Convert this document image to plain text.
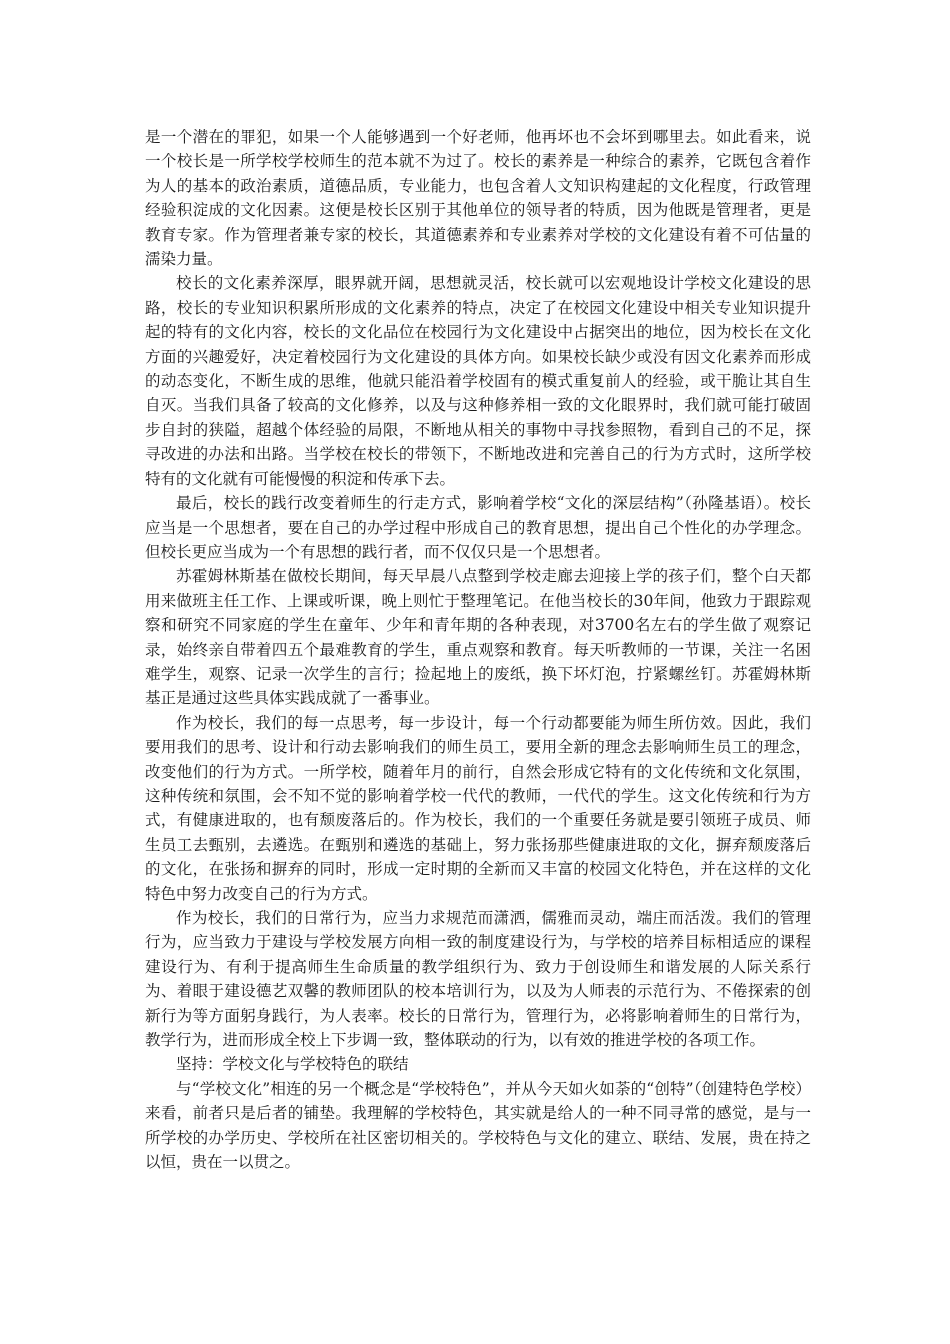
是一个潜在的罪犯，如果一个人能够遇到一个好老师，他再坏也不会坏到哪里去。如此看来，说一个校长是一所学校学校师生的范本就不为过了。校长的素养是一种综合的素养，它既包含着作为人的基本的政治素质，道德品质，专业能力，也包含着人文知识构建起的文化程度，行政管理经验积淀成的文化因素。这便是校长区别于其他单位的领导者的特质，因为他既是管理者，更是教育专家。作为管理者兼专家的校长，其道德素养和专业素养对学校的文化建设有着不可估量的濡染力量。

校长的文化素养深厚，眼界就开阔，思想就灵活，校长就可以宏观地设计学校文化建设的思路，校长的专业知识积累所形成的文化素养的特点，决定了在校园文化建设中相关专业知识提升起的特有的文化内容，校长的文化品位在校园行为文化建设中占据突出的地位，因为校长在文化方面的兴趣爱好，决定着校园行为文化建设的具体方向。如果校长缺少或没有因文化素养而形成的动态变化，不断生成的思维，他就只能沿着学校固有的模式重复前人的经验，或干脆让其自生自灭。当我们具备了较高的文化修养，以及与这种修养相一致的文化眼界时，我们就可能打破固步自封的狭隘，超越个体经验的局限，不断地从相关的事物中寻找参照物，看到自己的不足，探寻改进的办法和出路。当学校在校长的带领下，不断地改进和完善自己的行为方式时，这所学校特有的文化就有可能慢慢的积淀和传承下去。

最后，校长的践行改变着师生的行走方式，影响着学校“文化的深层结构”（孙隆基语）。校长应当是一个思想者，要在自己的办学过程中形成自己的教育思想，提出自己个性化的办学理念。但校长更应当成为一个有思想的践行者，而不仅仅只是一个思想者。

苏霍姆林斯基在做校长期间，每天早晨八点整到学校走廊去迎接上学的孩子们，整个白天都用来做班主任工作、上课或听课，晚上则忙于整理笔记。在他当校长的30年间，他致力于跟踪观察和研究不同家庭的学生在童年、少年和青年期的各种表现，对3700名左右的学生做了观察记录，始终亲自带着四五个最难教育的学生，重点观察和教育。每天听教师的一节课，关注一名困难学生，观察、记录一次学生的言行；捡起地上的废纸，换下坏灯泡，拧紧螺丝钉。苏霍姆林斯基正是通过这些具体实践成就了一番事业。

作为校长，我们的每一点思考，每一步设计，每一个行动都要能为师生所仿效。因此，我们要用我们的思考、设计和行动去影响我们的师生员工，要用全新的理念去影响师生员工的理念，改变他们的行为方式。一所学校，随着年月的前行，自然会形成它特有的文化传统和文化氛围，这种传统和氛围，会不知不觉的影响着学校一代代的教师，一代代的学生。这文化传统和行为方式，有健康进取的，也有颓废落后的。作为校长，我们的一个重要任务就是要引领班子成员、师生员工去甄别，去遴选。在甄别和遴选的基础上，努力张扬那些健康进取的文化，摒弃颓废落后的文化，在张扬和摒弃的同时，形成一定时期的全新而又丰富的校园文化特色，并在这样的文化特色中努力改变自己的行为方式。

作为校长，我们的日常行为，应当力求规范而潇洒，儒雅而灵动，端庄而活泼。我们的管理行为，应当致力于建设与学校发展方向相一致的制度建设行为，与学校的培养目标相适应的课程建设行为、有利于提高师生生命质量的教学组织行为、致力于创设师生和谐发展的人际关系行为、着眼于建设德艺双馨的教师团队的校本培训行为，以及为人师表的示范行为、不倦探索的创新行为等方面躬身践行，为人表率。校长的日常行为，管理行为，必将影响着师生的日常行为，教学行为，进而形成全校上下步调一致，整体联动的行为，以有效的推进学校的各项工作。

坚持：学校文化与学校特色的联结

与“学校文化”相连的另一个概念是“学校特色”，并从今天如火如荼的“创特”（创建特色学校）来看，前者只是后者的铺垫。我理解的学校特色，其实就是给人的一种不同寻常的感觉，是与一所学校的办学历史、学校所在社区密切相关的。学校特色与文化的建立、联结、发展，贵在持之以恒，贵在一以贯之。
